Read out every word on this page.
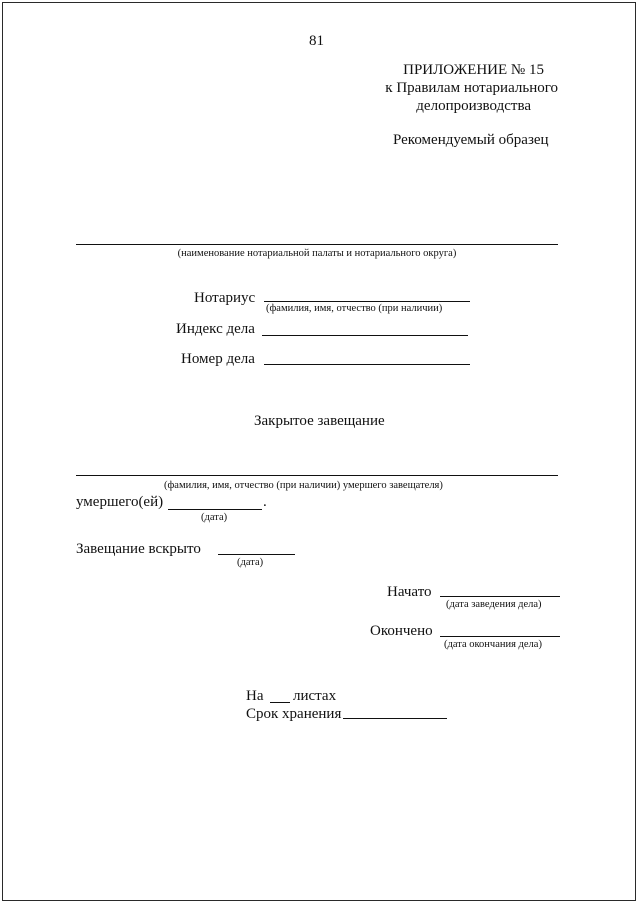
81
ПРИЛОЖЕНИЕ № 15
к Правилам нотариального
делопроизводства
Рекомендуемый образец
(наименование нотариальной палаты и нотариального округа)
Нотариус
(фамилия, имя, отчество (при наличии)
Индекс дела
Номер дела
Закрытое завещание
(фамилия, имя, отчество (при наличии) умершего завещателя)
умершего(ей)	.
(дата)
Завещание вскрыто
(дата)
Начато
(дата заведения дела)
Окончено
(дата окончания дела)
На листах
Срок хранения
